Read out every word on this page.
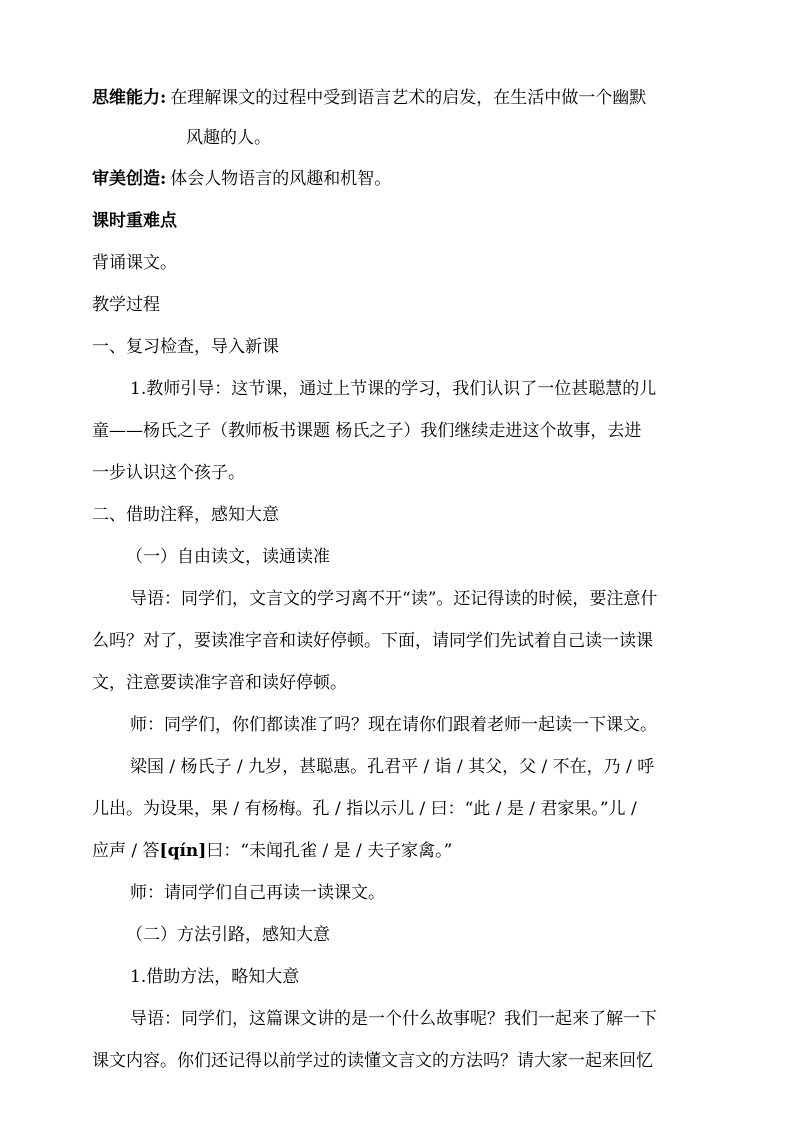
思维能力: 在理解课文的过程中受到语言艺术的启发，在生活中做一个幽默
风趣的人。
审美创造: 体会人物语言的风趣和机智。
课时重难点
背诵课文。
教学过程
一、复习检查，导入新课
1.教师引导：这节课，通过上节课的学习，我们认识了一位甚聪慧的儿
童——杨氏之子（教师板书课题 杨氏之子）我们继续走进这个故事，去进
一步认识这个孩子。
二、借助注释，感知大意
（一）自由读文，读通读准
导语：同学们，文言文的学习离不开“读”。还记得读的时候，要注意什
么吗？对了，要读准字音和读好停顿。下面，请同学们先试着自己读一读课
文，注意要读准字音和读好停顿。
师：同学们，你们都读准了吗？现在请你们跟着老师一起读一下课文。
梁国 / 杨氏子 / 九岁，甚聪惠。孔君平 / 诣 / 其父，父 / 不在，乃 / 呼
儿出。为设果，果 / 有杨梅。孔 / 指以示儿 / 曰：“此 / 是 / 君家果。”儿 /
应声 / 答[qín]曰：“未闻孔雀 / 是 / 夫子家禽。”
师：请同学们自己再读一读课文。
（二）方法引路，感知大意
1.借助方法，略知大意
导语：同学们，这篇课文讲的是一个什么故事呢？我们一起来了解一下
课文内容。你们还记得以前学过的读懂文言文的方法吗？请大家一起来回忆
